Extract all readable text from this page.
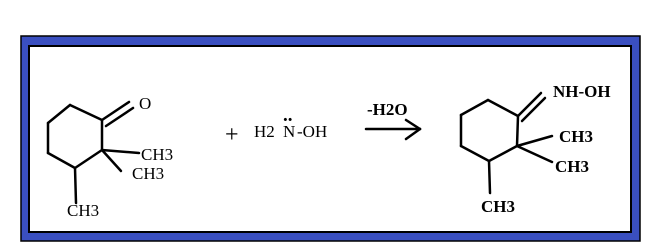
O
CH3
CH3
CH3
+ H2
..
N -OH
-H2O
NH-OH
CH3
CH3
CH3
